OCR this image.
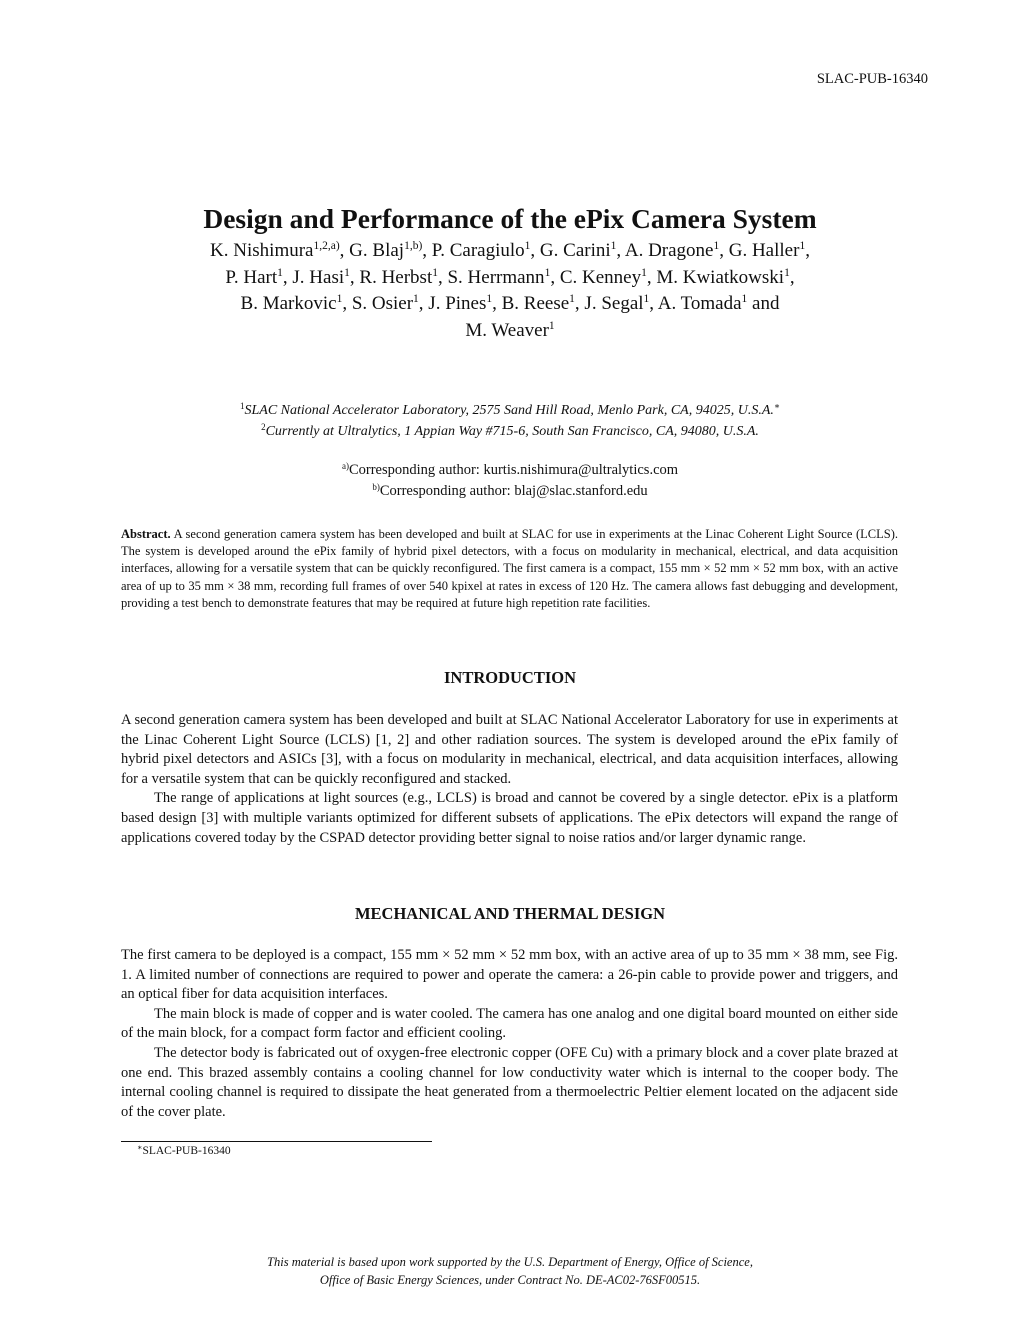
SLAC-PUB-16340
Design and Performance of the ePix Camera System
K. Nishimura$^{1,2,a)}$, G. Blaj$^{1,b)}$, P. Caragiulo$^1$, G. Carini$^1$, A. Dragone$^1$, G. Haller$^1$,
P. Hart$^1$, J. Hasi$^1$, R. Herbst$^1$, S. Herrmann$^1$, C. Kenney$^1$, M. Kwiatkowski$^1$,
B. Markovic$^1$, S. Osier$^1$, J. Pines$^1$, B. Reese$^1$, J. Segal$^1$, A. Tomada$^1$ and
M. Weaver$^1$
$^1$SLAC National Accelerator Laboratory, 2575 Sand Hill Road, Menlo Park, CA, 94025, U.S.A.∗
$^2$Currently at Ultralytics, 1 Appian Way #715-6, South San Francisco, CA, 94080, U.S.A.
$^{a)}$Corresponding author: kurtis.nishimura@ultralytics.com
$^{b)}$Corresponding author: blaj@slac.stanford.edu
Abstract. A second generation camera system has been developed and built at SLAC for use in experiments at the Linac Coherent Light Source (LCLS). The system is developed around the ePix family of hybrid pixel detectors, with a focus on modularity in mechanical, electrical, and data acquisition interfaces, allowing for a versatile system that can be quickly reconfigured. The first camera is a compact, 155 mm × 52 mm × 52 mm box, with an active area of up to 35 mm × 38 mm, recording full frames of over 540 kpixel at rates in excess of 120 Hz. The camera allows fast debugging and development, providing a test bench to demonstrate features that may be required at future high repetition rate facilities.
INTRODUCTION

A second generation camera system has been developed and built at SLAC National Accelerator Laboratory for use in experiments at the Linac Coherent Light Source (LCLS) [1, 2] and other radiation sources. The system is developed around the ePix family of hybrid pixel detectors and ASICs [3], with a focus on modularity in mechanical, electrical, and data acquisition interfaces, allowing for a versatile system that can be quickly reconfigured and stacked.

The range of applications at light sources (e.g., LCLS) is broad and cannot be covered by a single detector. ePix is a platform based design [3] with multiple variants optimized for different subsets of applications. The ePix detectors will expand the range of applications covered today by the CSPAD detector providing better signal to noise ratios and/or larger dynamic range.

MECHANICAL AND THERMAL DESIGN

The first camera to be deployed is a compact, 155 mm × 52 mm × 52 mm box, with an active area of up to 35 mm × 38 mm, see Fig. 1. A limited number of connections are required to power and operate the camera: a 26-pin cable to provide power and triggers, and an optical fiber for data acquisition interfaces.

The main block is made of copper and is water cooled. The camera has one analog and one digital board mounted on either side of the main block, for a compact form factor and efficient cooling.

The detector body is fabricated out of oxygen-free electronic copper (OFE Cu) with a primary block and a cover plate brazed at one end. This brazed assembly contains a cooling channel for low conductivity water which is internal to the cooper body. The internal cooling channel is required to dissipate the heat generated from a thermoelectric Peltier element located on the adjacent side of the cover plate.

∗SLAC-PUB-16340
This material is based upon work supported by the U.S. Department of Energy, Office of Science,
Office of Basic Energy Sciences, under Contract No. DE-AC02-76SF00515.
